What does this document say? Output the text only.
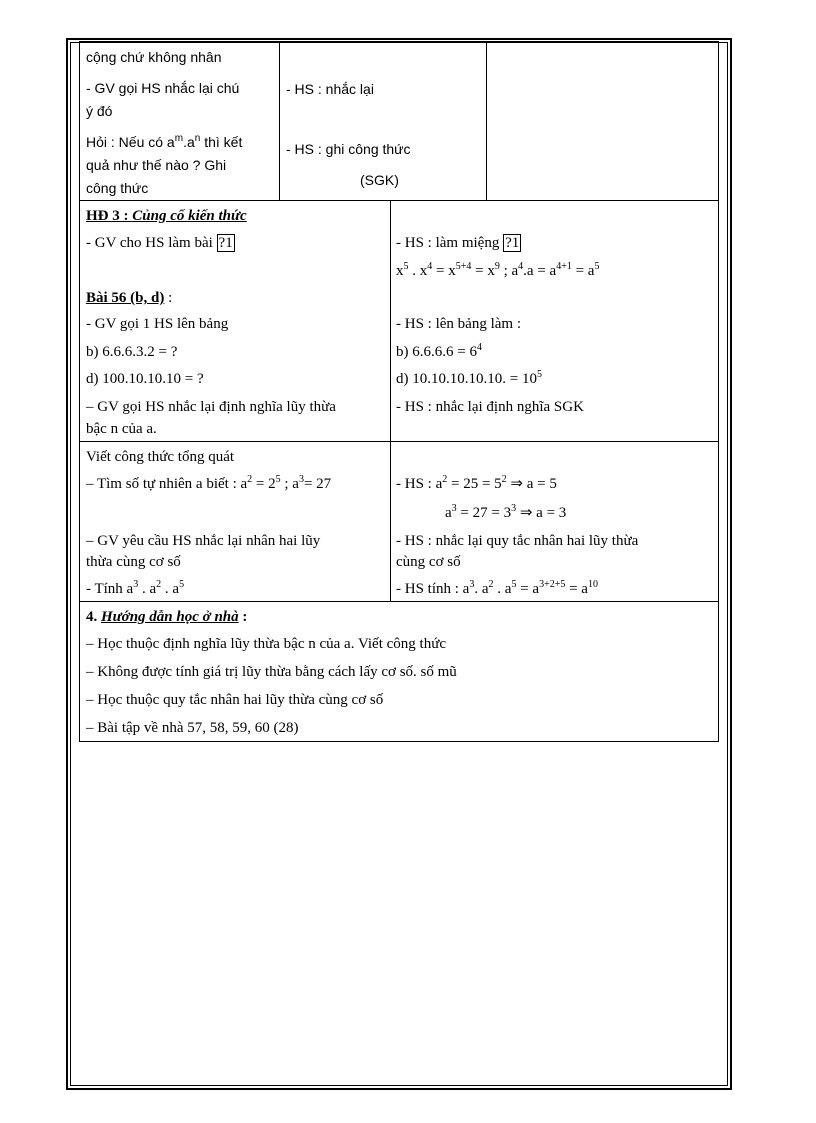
cộng chứ không nhân
- GV gọi HS nhắc lại chú
ý đó
Hỏi : Nếu có $a^m.a^n$ thì kết
quả như thế nào ? Ghi
công thức
- HS : nhắc lại
- HS : ghi công thức
(SGK)
HĐ 3 : Củng cố kiến thức
- GV cho HS làm bài ?1
Bài 56 (b, d) :
- GV gọi 1 HS lên bảng
b) 6.6.6.3.2 = ?
d) 100.10.10.10 = ?
– GV gọi HS nhắc lại định nghĩa lũy thừa
bậc n của a.
- HS : làm miệng ?1
$x^5$ . $x^4 = x^{5+4} = x^9$ ; $a^4.a = a^{4+1} = a^5$
- HS : lên bảng làm :
b) $6.6.6.6 = 6^4$
d) 10.10.10.10.10. = $10^5$
- HS : nhắc lại định nghĩa SGK
Viết công thức tổng quát
– Tìm số tự nhiên a biết : $a^2 = 2^5$ ; $a^3= 27$
– GV yêu cầu HS nhắc lại nhân hai lũy
thừa cùng cơ số
- Tính $a^3$ . $a^2$ . $a^5$
- HS : $a^2 = 25 = 5^2$ ⇒ a = 5
$a^3 = 27 = 3^3$ ⇒ a = 3
- HS : nhắc lại quy tắc nhân hai lũy thừa
cùng cơ số
- HS tính : $a^3$. $a^2$ . $a^5 = a^{3+2+5} = a^{10}$
4. Hướng dẫn học ở nhà :
– Học thuộc định nghĩa lũy thừa bậc n của a. Viết công thức
– Không được tính giá trị lũy thừa bằng cách lấy cơ số. số mũ
– Học thuộc quy tắc nhân hai lũy thừa cùng cơ số
– Bài tập về nhà 57, 58, 59, 60 (28)
